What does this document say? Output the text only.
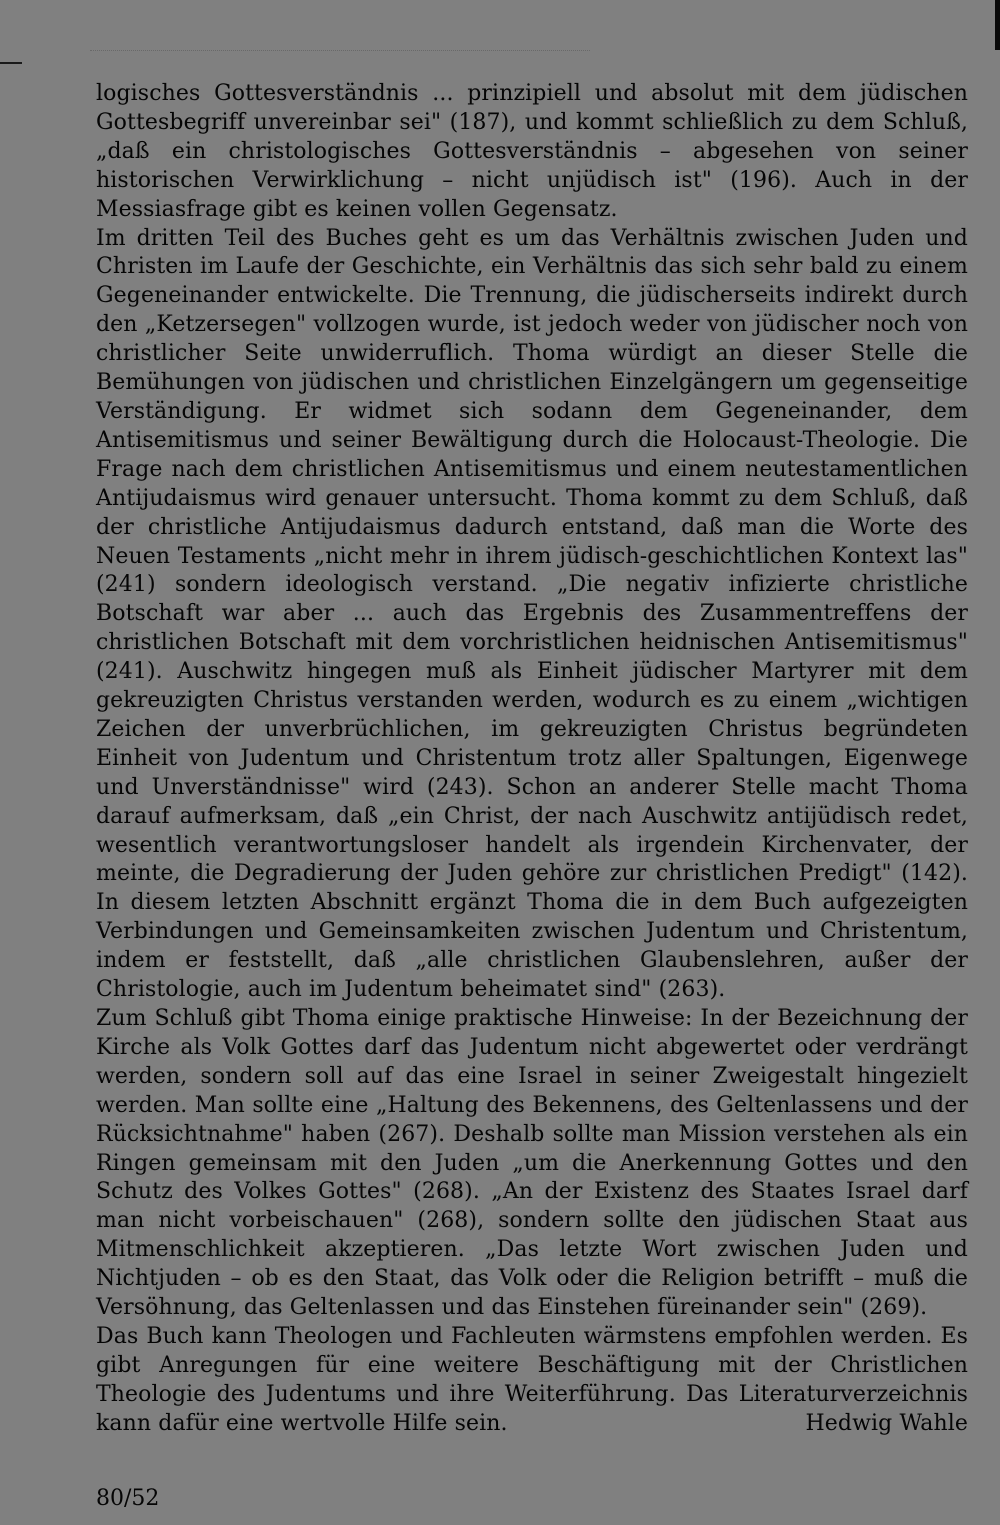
logisches Gottesverständnis ... prinzipiell und absolut mit dem jüdischen Gottesbegriff unvereinbar sei" (187), und kommt schließlich zu dem Schluß, „daß ein christologisches Gottesverständnis – abgesehen von seiner historischen Verwirklichung – nicht unjüdisch ist" (196). Auch in der Messiasfrage gibt es keinen vollen Gegensatz.

Im dritten Teil des Buches geht es um das Verhältnis zwischen Juden und Christen im Laufe der Geschichte, ein Verhältnis das sich sehr bald zu einem Gegeneinander entwickelte. Die Trennung, die jüdischerseits indirekt durch den „Ketzersegen" vollzogen wurde, ist jedoch weder von jüdischer noch von christlicher Seite unwiderruflich. Thoma würdigt an dieser Stelle die Bemühungen von jüdischen und christlichen Einzelgängern um gegenseitige Verständigung. Er widmet sich sodann dem Gegeneinander, dem Antisemitismus und seiner Bewältigung durch die Holocaust-Theologie. Die Frage nach dem christlichen Antisemitismus und einem neutestamentlichen Antijudaismus wird genauer untersucht. Thoma kommt zu dem Schluß, daß der christliche Antijudaismus dadurch entstand, daß man die Worte des Neuen Testaments „nicht mehr in ihrem jüdisch-geschichtlichen Kontext las" (241) sondern ideologisch verstand. „Die negativ infizierte christliche Botschaft war aber ... auch das Ergebnis des Zusammentreffens der christlichen Botschaft mit dem vorchristlichen heidnischen Antisemitismus" (241). Auschwitz hingegen muß als Einheit jüdischer Martyrer mit dem gekreuzigten Christus verstanden werden, wodurch es zu einem „wichtigen Zeichen der unverbrüchlichen, im gekreuzigten Christus begründeten Einheit von Judentum und Christentum trotz aller Spaltungen, Eigenwege und Unverständnisse" wird (243). Schon an anderer Stelle macht Thoma darauf aufmerksam, daß „ein Christ, der nach Auschwitz antijüdisch redet, wesentlich verantwortungsloser handelt als irgendein Kirchenvater, der meinte, die Degradierung der Juden gehöre zur christlichen Predigt" (142). In diesem letzten Abschnitt ergänzt Thoma die in dem Buch aufgezeigten Verbindungen und Gemeinsamkeiten zwischen Judentum und Christentum, indem er feststellt, daß „alle christlichen Glaubenslehren, außer der Christologie, auch im Judentum beheimatet sind" (263).

Zum Schluß gibt Thoma einige praktische Hinweise: In der Bezeichnung der Kirche als Volk Gottes darf das Judentum nicht abgewertet oder verdrängt werden, sondern soll auf das eine Israel in seiner Zweigestalt hingezielt werden. Man sollte eine „Haltung des Bekennens, des Geltenlassens und der Rücksichtnahme" haben (267). Deshalb sollte man Mission verstehen als ein Ringen gemeinsam mit den Juden „um die Anerkennung Gottes und den Schutz des Volkes Gottes" (268). „An der Existenz des Staates Israel darf man nicht vorbeischauen" (268), sondern sollte den jüdischen Staat aus Mitmenschlichkeit akzeptieren. „Das letzte Wort zwischen Juden und Nichtjuden – ob es den Staat, das Volk oder die Religion betrifft – muß die Versöhnung, das Geltenlassen und das Einstehen füreinander sein" (269).

Das Buch kann Theologen und Fachleuten wärmstens empfohlen werden. Es gibt Anregungen für eine weitere Beschäftigung mit der Christlichen Theologie des Judentums und ihre Weiterführung. Das Literaturverzeichnis kann dafür eine wertvolle Hilfe sein.	Hedwig Wahle

80/52
